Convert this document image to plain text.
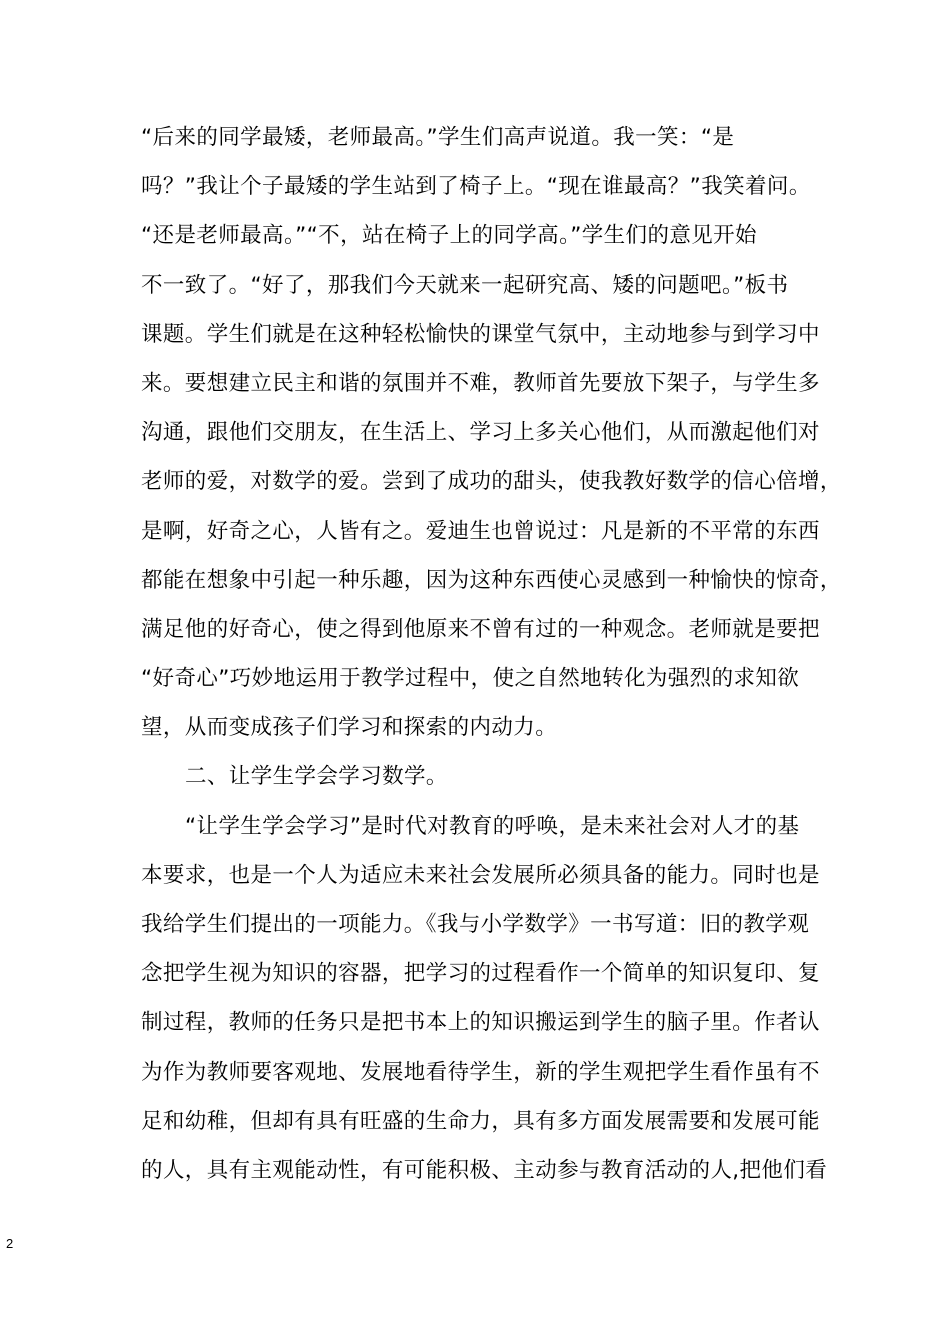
“后来的同学最矮，老师最高。”学生们高声说道。我一笑：“是
吗？”我让个子最矮的学生站到了椅子上。“现在谁最高？”我笑着问。
“还是老师最高。”“不，站在椅子上的同学高。”学生们的意见开始
不一致了。“好了，那我们今天就来一起研究高、矮的问题吧。”板书
课题。学生们就是在这种轻松愉快的课堂气氛中，主动地参与到学习中
来。要想建立民主和谐的氛围并不难，教师首先要放下架子，与学生多
沟通，跟他们交朋友，在生活上、学习上多关心他们，从而激起他们对
老师的爱，对数学的爱。尝到了成功的甜头，使我教好数学的信心倍增，
是啊，好奇之心，人皆有之。爱迪生也曾说过：凡是新的不平常的东西
都能在想象中引起一种乐趣，因为这种东西使心灵感到一种愉快的惊奇，
满足他的好奇心，使之得到他原来不曾有过的一种观念。老师就是要把
“好奇心”巧妙地运用于教学过程中，使之自然地转化为强烈的求知欲
望，从而变成孩子们学习和探索的内动力。
二、让学生学会学习数学。
“让学生学会学习”是时代对教育的呼唤，是未来社会对人才的基
本要求，也是一个人为适应未来社会发展所必须具备的能力。同时也是
我给学生们提出的一项能力。《我与小学数学》一书写道：旧的教学观
念把学生视为知识的容器，把学习的过程看作一个简单的知识复印、复
制过程，教师的任务只是把书本上的知识搬运到学生的脑子里。作者认
为作为教师要客观地、发展地看待学生，新的学生观把学生看作虽有不
足和幼稚，但却有具有旺盛的生命力，具有多方面发展需要和发展可能
的人，具有主观能动性，有可能积极、主动参与教育活动的人,把他们看
2
